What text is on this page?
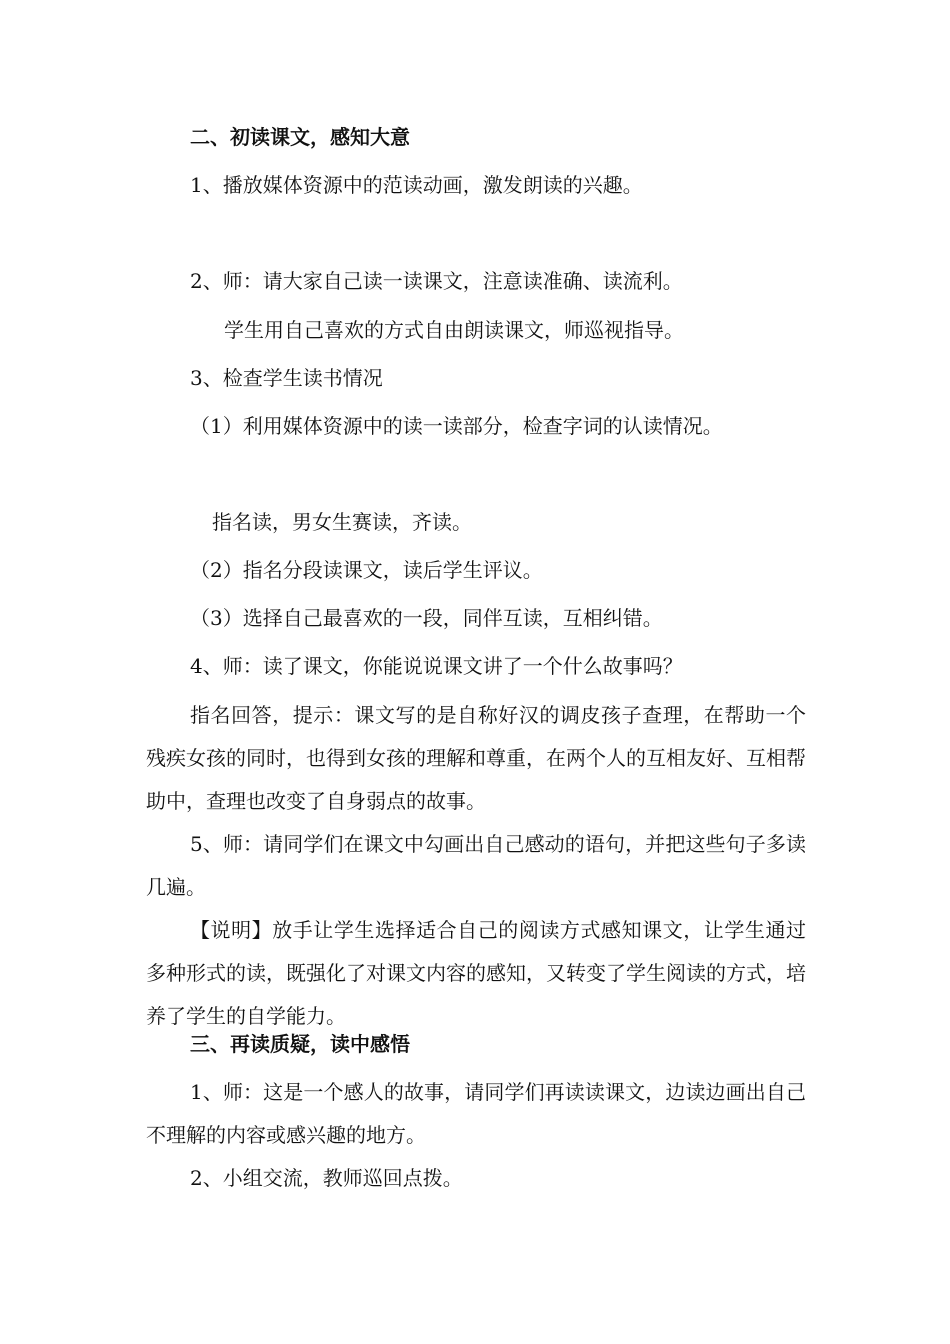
二、初读课文，感知大意
1、播放媒体资源中的范读动画，激发朗读的兴趣。
2、师：请大家自己读一读课文，注意读准确、读流利。
学生用自己喜欢的方式自由朗读课文，师巡视指导。
3、检查学生读书情况
（1）利用媒体资源中的读一读部分，检查字词的认读情况。
指名读，男女生赛读，齐读。
（2）指名分段读课文，读后学生评议。
（3）选择自己最喜欢的一段，同伴互读，互相纠错。
4、师：读了课文，你能说说课文讲了一个什么故事吗？
指名回答，提示：课文写的是自称好汉的调皮孩子查理，在帮助一个残疾女孩的同时，也得到女孩的理解和尊重，在两个人的互相友好、互相帮助中，查理也改变了自身弱点的故事。
5、师：请同学们在课文中勾画出自己感动的语句，并把这些句子多读几遍。
【说明】放手让学生选择适合自己的阅读方式感知课文，让学生通过多种形式的读，既强化了对课文内容的感知，又转变了学生阅读的方式，培养了学生的自学能力。
三、再读质疑，读中感悟
1、师：这是一个感人的故事，请同学们再读读课文，边读边画出自己不理解的内容或感兴趣的地方。
2、小组交流，教师巡回点拨。
